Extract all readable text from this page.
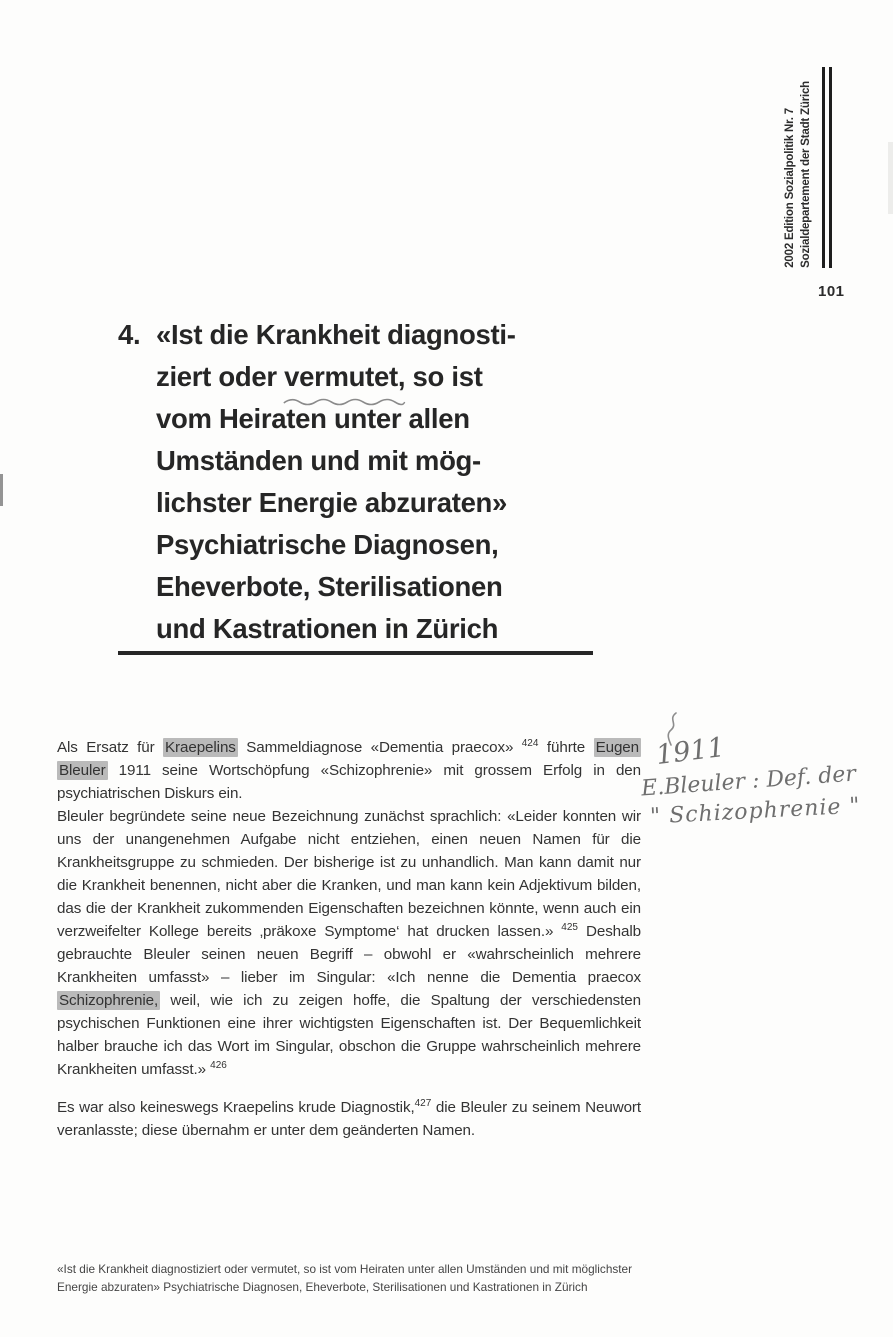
2002 Edition Sozialpolitik Nr. 7 Sozialdepartement der Stadt Zürich
101
4. «Ist die Krankheit diagnosti-
ziert oder vermutet,
so ist
vom Heiraten unter allen
Umständen und mit mög-
lichster Energie abzuraten»
Psychiatrische Diagnosen,
Eheverbote, Sterilisationen
und Kastrationen in Zürich

Als Ersatz für Kraepelins Sammeldiagnose «Dementia praecox» $^{424}$ führte Eugen Bleuler 1911 seine Wortschöpfung «Schizophrenie» mit grossem Erfolg in den psychiatrischen Diskurs ein.

Bleuler begründete seine neue Bezeichnung zunächst sprachlich: «Leider konnten wir uns der unangenehmen Aufgabe nicht entziehen, einen neuen Namen für die Krankheitsgruppe zu schmieden. Der bisherige ist zu unhandlich. Man kann damit nur die Krankheit benennen, nicht aber die Kranken, und man kann kein Adjektivum bilden, das die der Krankheit zukommenden Eigenschaften bezeichnen könnte, wenn auch ein verzweifelter Kollege bereits ‚präkoxe Symptome‘ hat drucken lassen.» $^{425}$ Deshalb gebrauchte Bleuler seinen neuen Begriff – obwohl er «wahrscheinlich mehrere Krankheiten umfasst» – lieber im Singular: «Ich nenne die Dementia praecox Schizophrenie, weil, wie ich zu zeigen hoffe, die Spaltung der verschiedensten psychischen Funktionen eine ihrer wichtigsten Eigenschaften ist. Der Bequemlichkeit halber brauche ich das Wort im Singular, obschon die Gruppe wahrscheinlich mehrere Krankheiten umfasst.» $^{426}$

Es war also keineswegs Kraepelins krude Diagnostik,$^{427}$ die Bleuler zu seinem Neuwort veranlasste; diese übernahm er unter dem geänderten Namen.

1911
E.Bleuler : Def. der
" Schizophrenie "
«Ist die Krankheit diagnostiziert oder vermutet, so ist vom Heiraten unter allen Umständen und mit möglichster
Energie abzuraten» Psychiatrische Diagnosen, Eheverbote, Sterilisationen und Kastrationen in Zürich
